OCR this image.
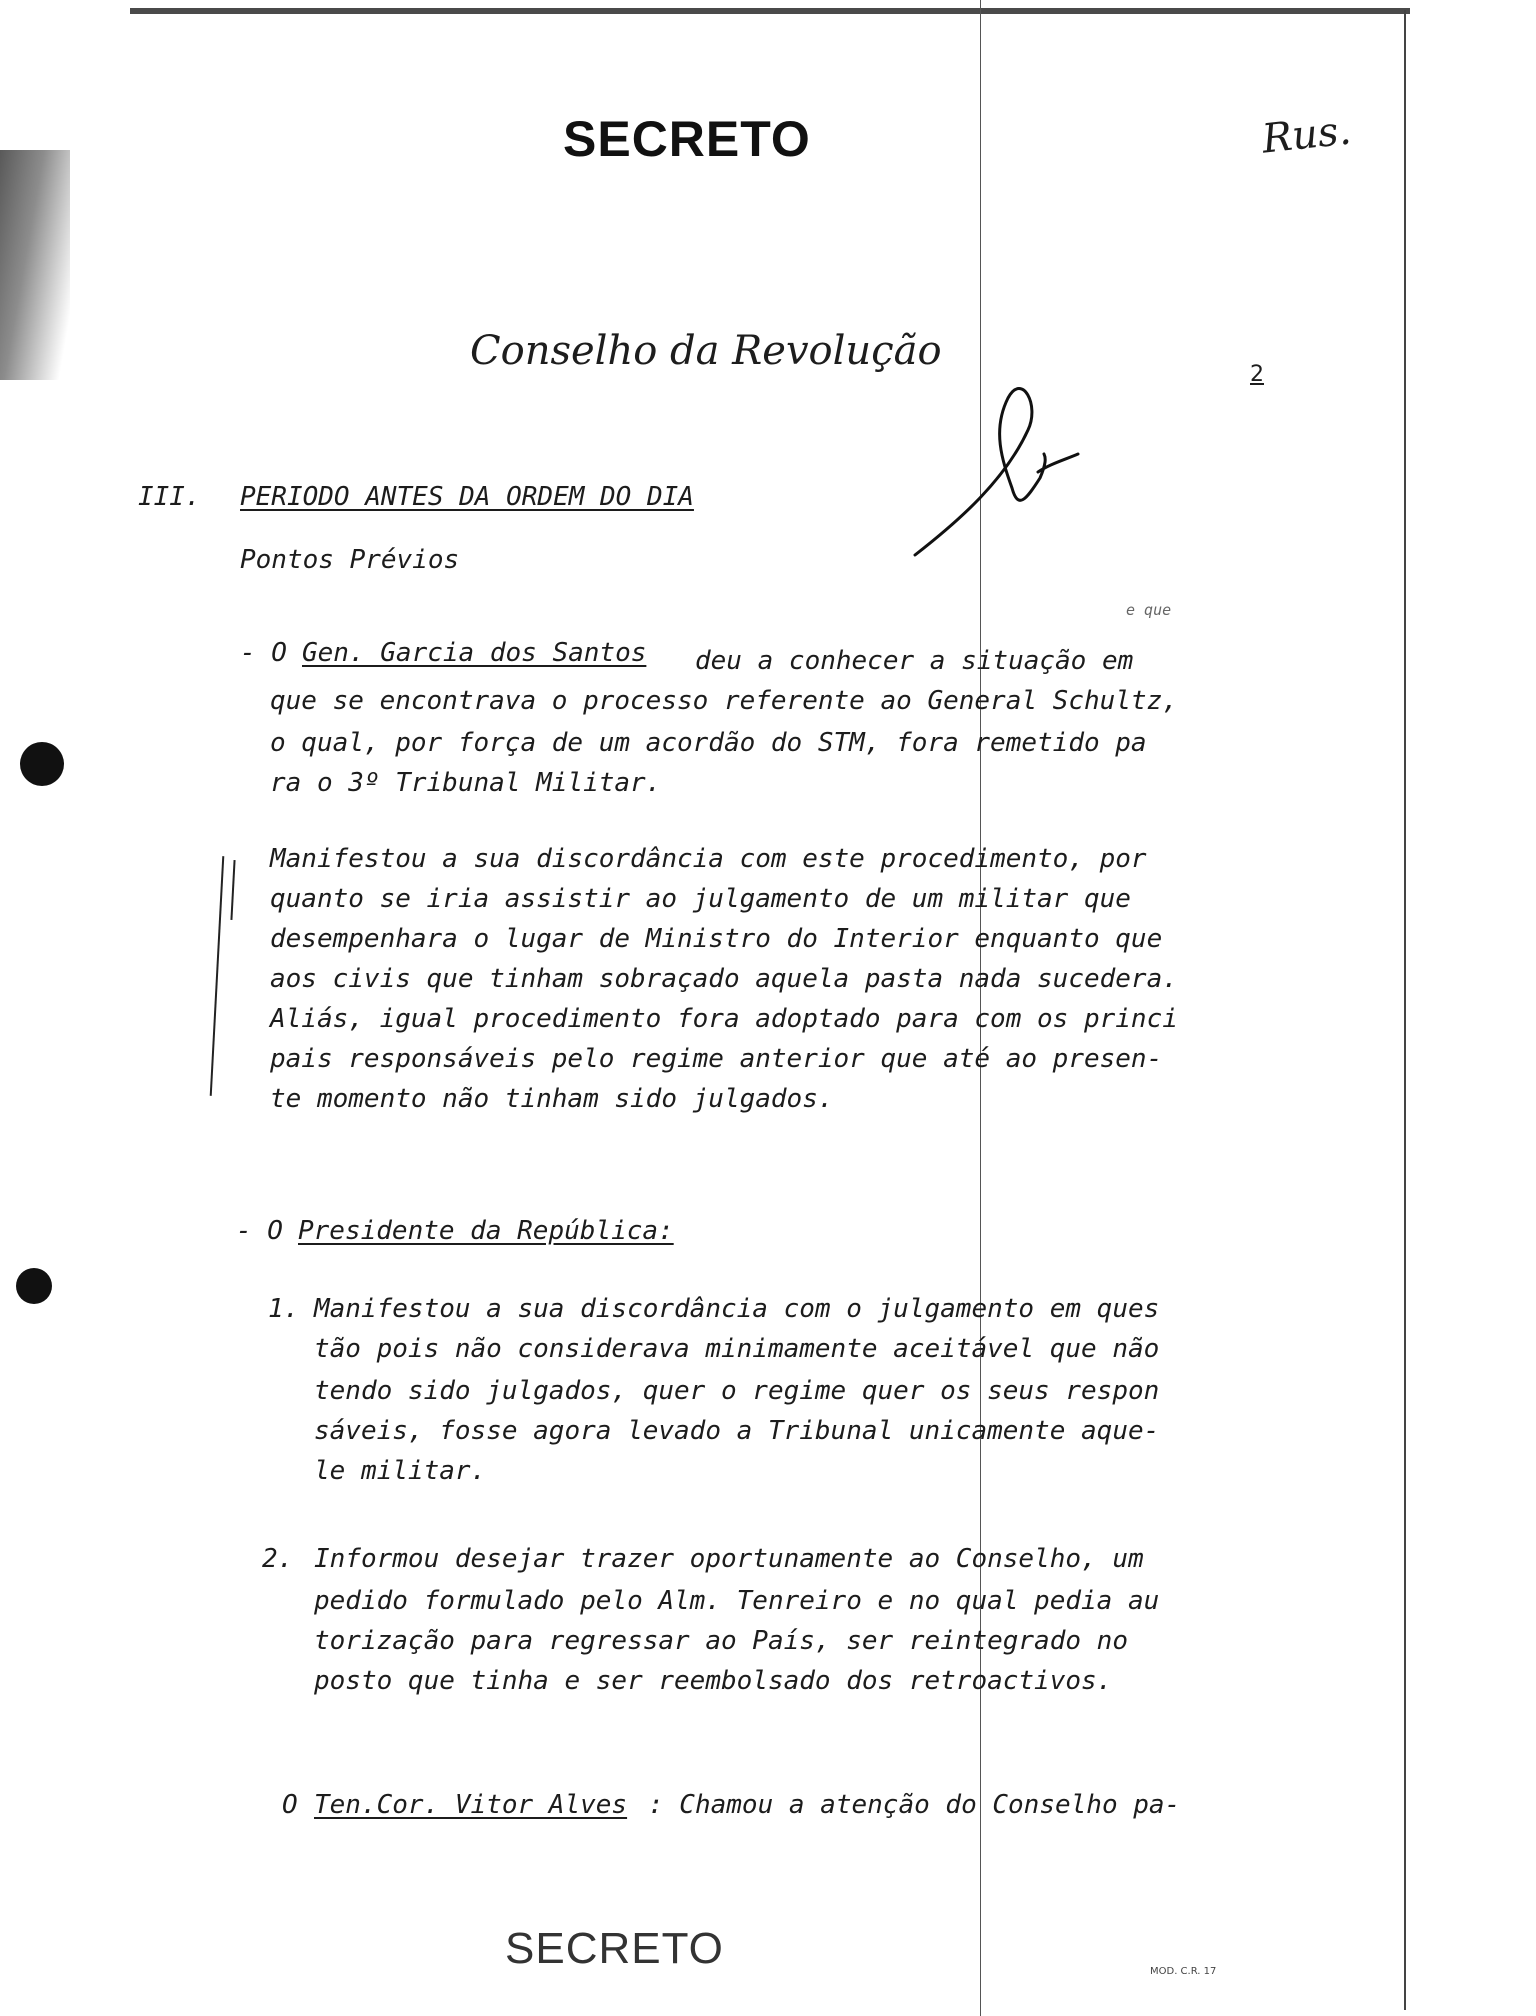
SECRETO	Rus.
Conselho da Revolução
2
III. PERIODO ANTES DA ORDEM DO DIA
Pontos Prévios
e que
- O Gen. Garcia dos Santos deu a conhecer a situação em
que se encontrava o processo referente ao General Schultz,
o qual, por força de um acordão do STM, fora remetido pa
ra o 3º Tribunal Militar.
Manifestou a sua discordância com este procedimento, por
quanto se iria assistir ao julgamento de um militar que
desempenhara o lugar de Ministro do Interior enquanto que
aos civis que tinham sobraçado aquela pasta nada sucedera.
Aliás, igual procedimento fora adoptado para com os princi
pais responsáveis pelo regime anterior que até ao presen-
te momento não tinham sido julgados.
- O Presidente da República:
1. Manifestou a sua discordância com o julgamento em ques
tão pois não considerava minimamente aceitável que não
tendo sido julgados, quer o regime quer os seus respon
sáveis, fosse agora levado a Tribunal unicamente aque-
le militar.
2. Informou desejar trazer oportunamente ao Conselho, um
pedido formulado pelo Alm. Tenreiro e no qual pedia au
torização para regressar ao País, ser reintegrado no
posto que tinha e ser reembolsado dos retroactivos.
O Ten.Cor. Vitor Alves : Chamou a atenção do Conselho pa-
SECRETO	MOD. C.R. 17
